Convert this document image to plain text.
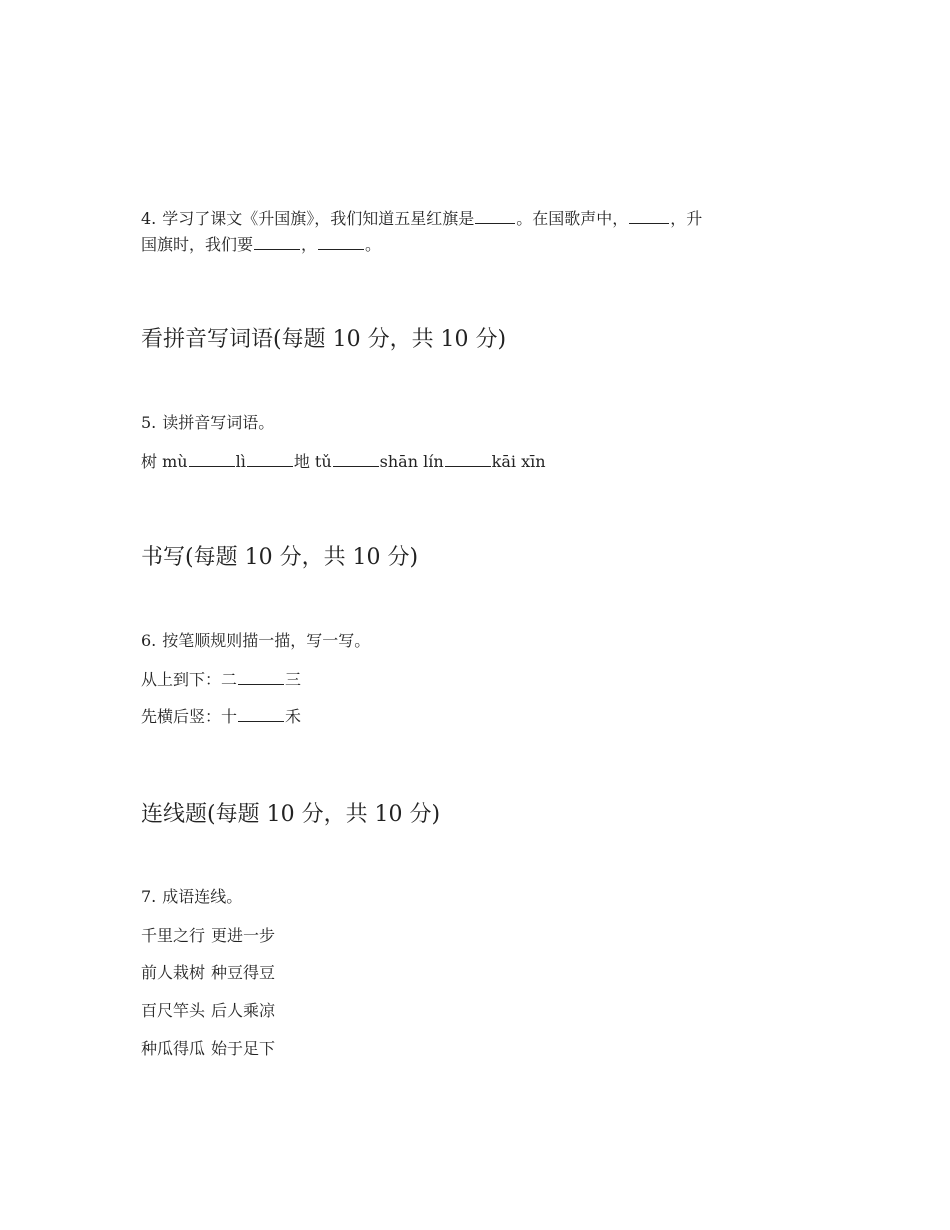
4. 学习了课文《升国旗》，我们知道五星红旗是	。在国歌声中，	，升
国旗时，我们要	，	。
看拼音写词语(每题 10 分，共 10 分)
5. 读拼音写词语。
树 mù	lì	地 tǔ	shān lín	kāi xīn
书写(每题 10 分，共 10 分)
6. 按笔顺规则描一描，写一写。
从上到下：二	三
先横后竖：十	禾
连线题(每题 10 分，共 10 分)
7. 成语连线。
千里之行 更进一步
前人栽树 种豆得豆
百尺竿头 后人乘凉
种瓜得瓜 始于足下
